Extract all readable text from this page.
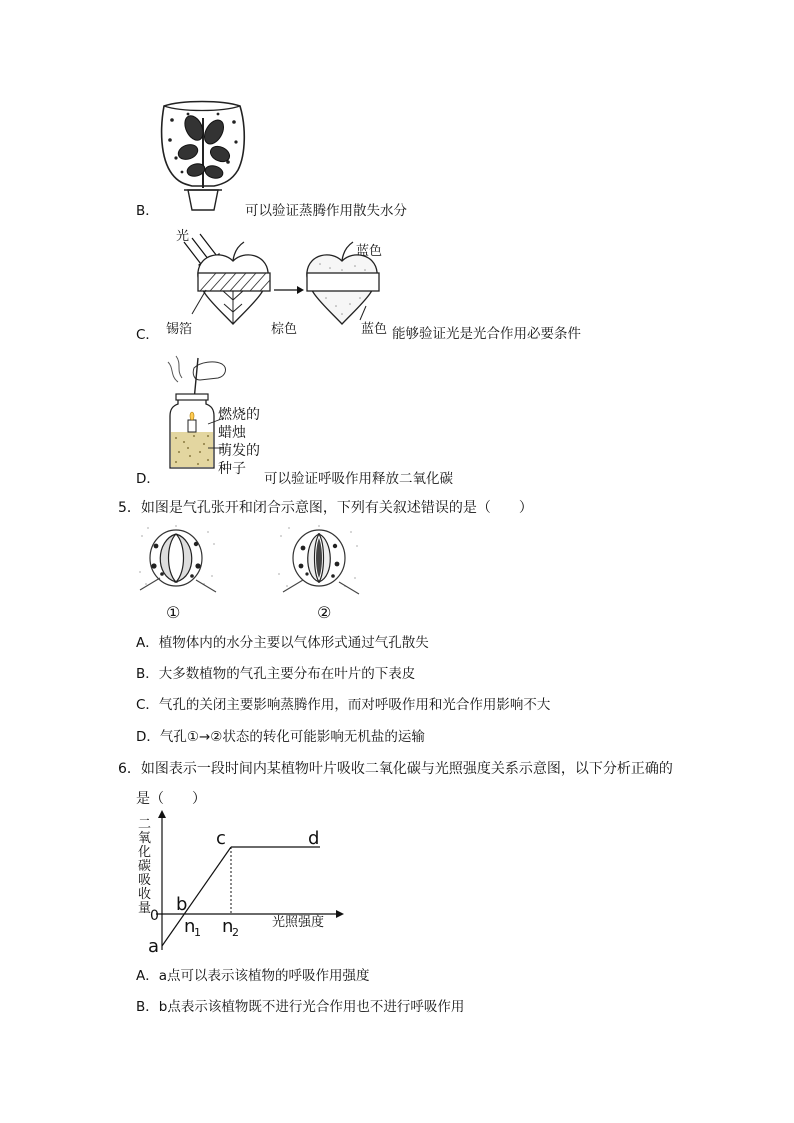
B．	可以验证蒸腾作用散失水分
光
蓝色
锡箔	棕色	蓝色
C．	能够验证光是光合作用必要条件
燃烧的
蜡烛
萌发的
种子
D．	可以验证呼吸作用释放二氧化碳
5．如图是气孔张开和闭合示意图，下列有关叙述错误的是（　　）
①	②
A．植物体内的水分主要以气体形式通过气孔散失
B．大多数植物的气孔主要分布在叶片的下表皮
C．气孔的关闭主要影响蒸腾作用，而对呼吸作用和光合作用影响不大
D．气孔①→②状态的转化可能影响无机盐的运输
6．如图表示一段时间内某植物叶片吸收二氧化碳与光照强度关系示意图，以下分析正确的
是（　　）
二
氧
化
碳
吸
收
量
0
a
b
c	d
n
1 n
2
光照强度
A．a点可以表示该植物的呼吸作用强度
B．b点表示该植物既不进行光合作用也不进行呼吸作用
